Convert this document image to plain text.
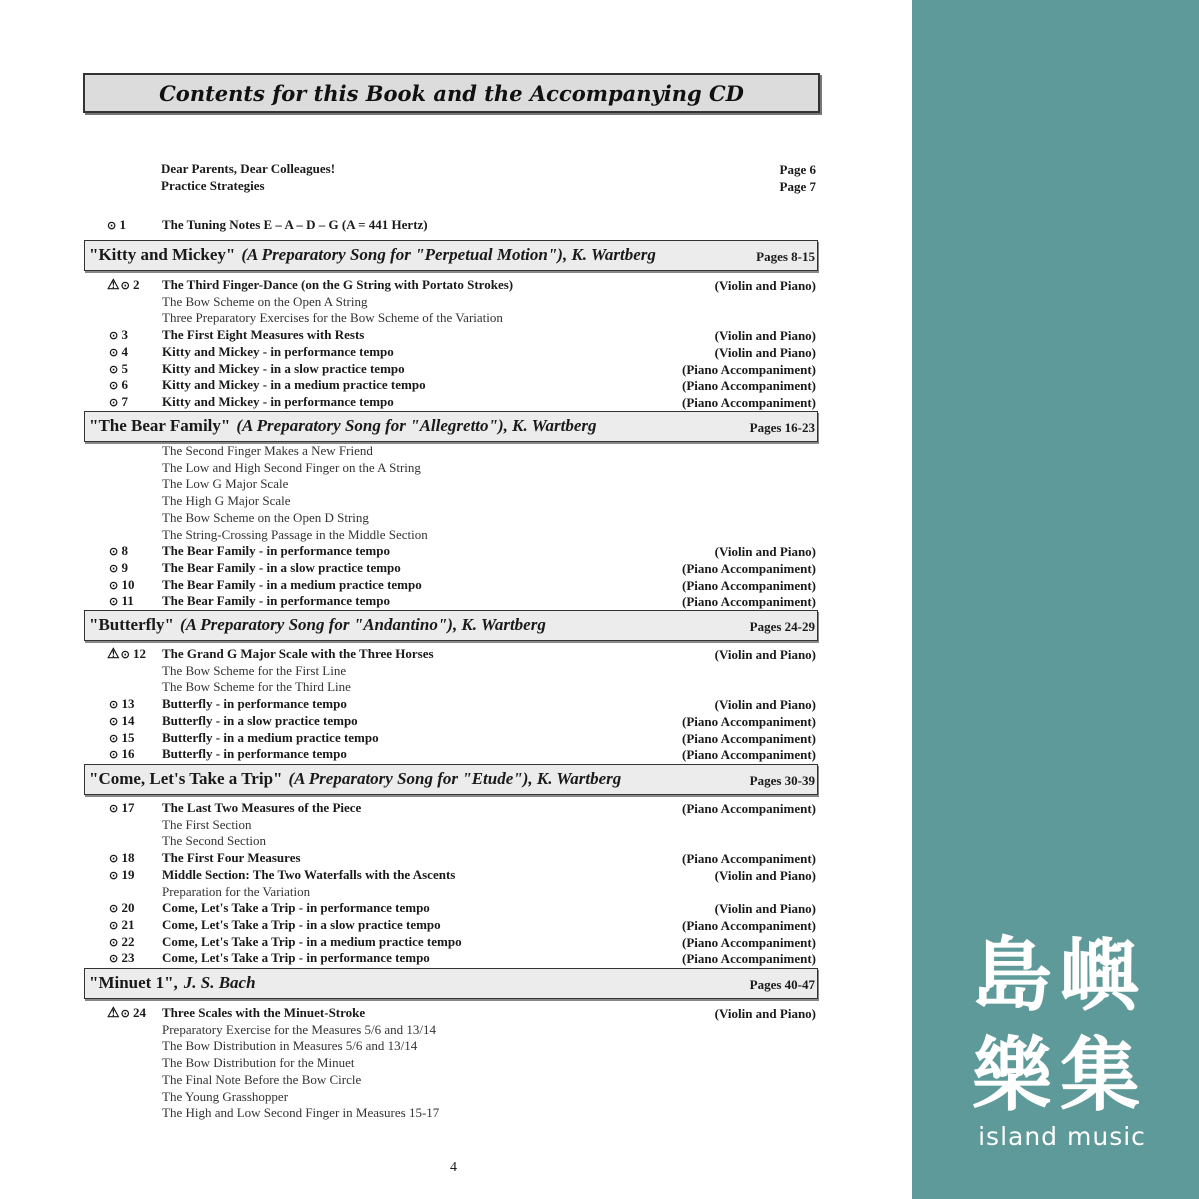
Contents for this Book and the Accompanying CD
Dear Parents, Dear Colleagues!	Page 6
Practice Strategies	Page 7
⊙ 1	The Tuning Notes E – A – D – G (A = 441 Hertz)
"Kitty and Mickey" (A Preparatory Song for "Perpetual Motion"), K. Wartberg	Pages 8-15
⚠⊙ 2	The Third Finger-Dance (on the G String with Portato Strokes)	(Violin and Piano)
The Bow Scheme on the Open A String
Three Preparatory Exercises for the Bow Scheme of the Variation
⊙ 3	The First Eight Measures with Rests	(Violin and Piano)
⊙ 4	Kitty and Mickey - in performance tempo	(Violin and Piano)
⊙ 5	Kitty and Mickey - in a slow practice tempo	(Piano Accompaniment)
⊙ 6	Kitty and Mickey - in a medium practice tempo	(Piano Accompaniment)
⊙ 7	Kitty and Mickey - in performance tempo	(Piano Accompaniment)
"The Bear Family" (A Preparatory Song for "Allegretto"), K. Wartberg	Pages 16-23
The Second Finger Makes a New Friend
The Low and High Second Finger on the A String
The Low G Major Scale
The High G Major Scale
The Bow Scheme on the Open D String
The String-Crossing Passage in the Middle Section
⊙ 8	The Bear Family - in performance tempo	(Violin and Piano)
⊙ 9	The Bear Family - in a slow practice tempo	(Piano Accompaniment)
⊙ 10	The Bear Family - in a medium practice tempo	(Piano Accompaniment)
⊙ 11	The Bear Family - in performance tempo	(Piano Accompaniment)
"Butterfly" (A Preparatory Song for "Andantino"), K. Wartberg	Pages 24-29
⚠⊙ 12	The Grand G Major Scale with the Three Horses	(Violin and Piano)
The Bow Scheme for the First Line
The Bow Scheme for the Third Line
⊙ 13	Butterfly - in performance tempo	(Violin and Piano)
⊙ 14	Butterfly - in a slow practice tempo	(Piano Accompaniment)
⊙ 15	Butterfly - in a medium practice tempo	(Piano Accompaniment)
⊙ 16	Butterfly - in performance tempo	(Piano Accompaniment)
"Come, Let's Take a Trip" (A Preparatory Song for "Etude"), K. Wartberg	Pages 30-39
⊙ 17	The Last Two Measures of the Piece	(Piano Accompaniment)
The First Section
The Second Section
⊙ 18	The First Four Measures	(Piano Accompaniment)
⊙ 19	Middle Section: The Two Waterfalls with the Ascents	(Violin and Piano)
Preparation for the Variation
⊙ 20	Come, Let's Take a Trip - in performance tempo	(Violin and Piano)
⊙ 21	Come, Let's Take a Trip - in a slow practice tempo	(Piano Accompaniment)
⊙ 22	Come, Let's Take a Trip - in a medium practice tempo	(Piano Accompaniment)
⊙ 23	Come, Let's Take a Trip - in performance tempo	(Piano Accompaniment)
"Minuet 1", J. S. Bach	Pages 40-47
⚠⊙ 24	Three Scales with the Minuet-Stroke	(Violin and Piano)
Preparatory Exercise for the Measures 5/6 and 13/14
The Bow Distribution in Measures 5/6 and 13/14
The Bow Distribution for the Minuet
The Final Note Before the Bow Circle
The Young Grasshopper
The High and Low Second Finger in Measures 15-17
4
島嶼
樂集
island music
